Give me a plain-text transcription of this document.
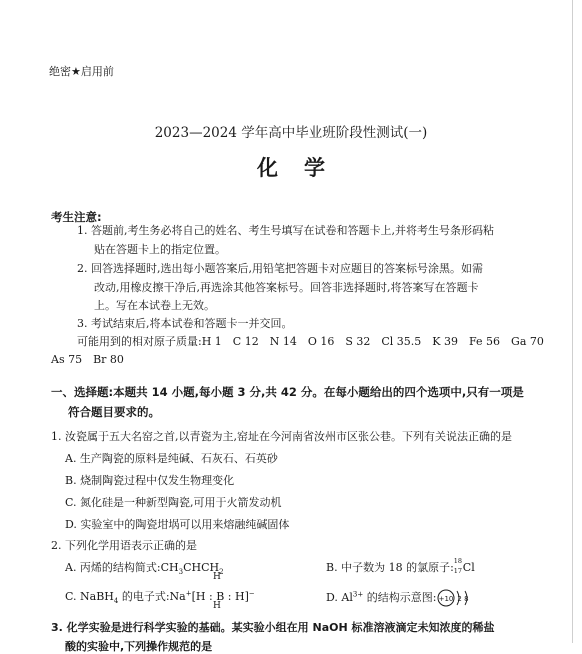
绝密★启用前
2023—2024 学年高中毕业班阶段性测试(一)
化学
考生注意:
1. 答题前,考生务必将自己的姓名、考生号填写在试卷和答题卡上,并将考生号条形码粘
贴在答题卡上的指定位置。
2. 回答选择题时,选出每小题答案后,用铅笔把答题卡对应题目的答案标号涂黑。如需
改动,用橡皮擦干净后,再选涂其他答案标号。回答非选择题时,将答案写在答题卡
上。写在本试卷上无效。
3. 考试结束后,将本试卷和答题卡一并交回。
可能用到的相对原子质量:H 1　C 12　N 14　O 16　S 32　Cl 35.5　K 39　Fe 56　Ga 70
As 75　Br 80
一、选择题:本题共 14 小题,每小题 3 分,共 42 分。在每小题给出的四个选项中,只有一项是
符合题目要求的。
1. 汝瓷属于五大名窑之首,以青瓷为主,窑址在今河南省汝州市区张公巷。下列有关说法正确的是
A. 生产陶瓷的原料是纯碱、石灰石、石英砂
B. 烧制陶瓷过程中仅发生物理变化
C. 氮化硅是一种新型陶瓷,可用于火箭发动机
D. 实验室中的陶瓷坩埚可以用来熔融纯碱固体
2. 下列化学用语表示正确的是
A. 丙烯的结构简式$:CH_3CHCH_2$	B. 中子数为 18 的氯原子: 18
17 Cl
C. NaBH$_4$ 的电子式:Na+[H : B : H]−
H
H
D. $Al^{3+}$ 的结构示意图: +10 2 8
3. 化学实验是进行科学实验的基础。某实验小组在用 NaOH 标准溶液滴定未知浓度的稀盐
酸的实验中,下列操作规范的是
